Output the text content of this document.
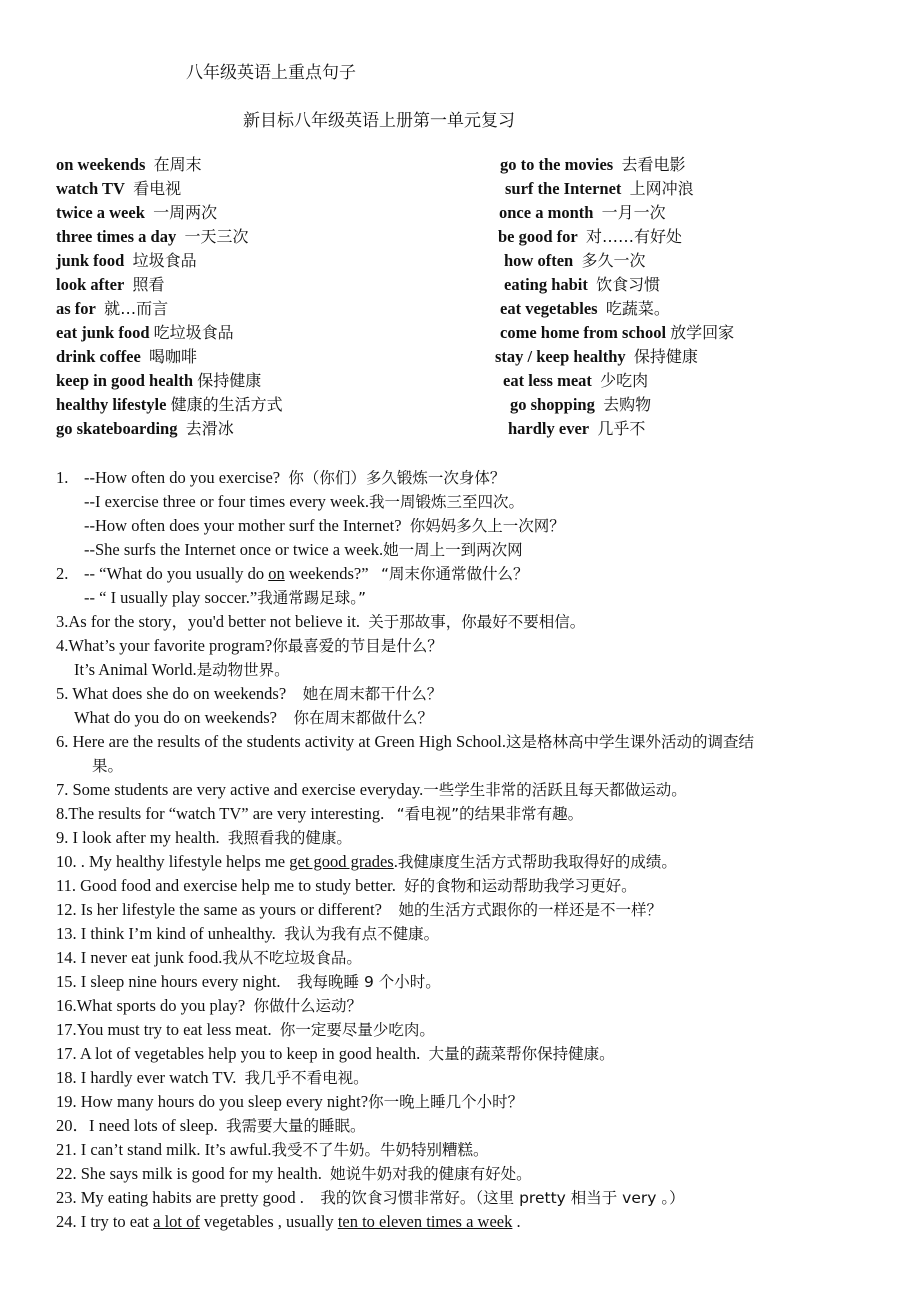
八年级英语上重点句子
新目标八年级英语上册第一单元复习
on weekends 在周末
watch TV 看电视
twice a week 一周两次
three times a day 一天三次
junk food 垃圾食品
look after 照看
as for 就…而言
eat junk food 吃垃圾食品
drink coffee 喝咖啡
keep in good health 保持健康
healthy lifestyle 健康的生活方式
go skateboarding 去滑冰
go to the movies 去看电影
surf the Internet 上网冲浪
once a month 一月一次
be good for 对……有好处
how often 多久一次
eating habit 饮食习惯
eat vegetables 吃蔬菜。
come home from school 放学回家
stay / keep healthy 保持健康
eat less meat 少吃肉
go shopping 去购物
hardly ever 几乎不
1. --How often do you exercise? 你（你们）多久锻炼一次身体？
--I exercise three or four times every week.我一周锻炼三至四次。
--How often does your mother surf the Internet? 你妈妈多久上一次网？
--She surfs the Internet once or twice a week.她一周上一到两次网
2. -- “What do you usually do on weekends?” “周末你通常做什么？
-- “ I usually play soccer.”我通常踢足球。”
3.As for the story，you'd better not believe it. 关于那故事，你最好不要相信。
4.What’s your favorite program?你最喜爱的节目是什么？
It’s Animal World.是动物世界。
5. What does she do on weekends? 她在周末都干什么？
What do you do on weekends? 你在周末都做什么？
6. Here are the results of the students activity at Green High School.这是格林高中学生课外活动的调查结
果。
7. Some students are very active and exercise everyday.一些学生非常的活跃且每天都做运动。
8.The results for “watch TV” are very interesting. “看电视”的结果非常有趣。
9. I look after my health. 我照看我的健康。
10. . My healthy lifestyle helps me get good grades.我健康度生活方式帮助我取得好的成绩。
11. Good food and exercise help me to study better. 好的食物和运动帮助我学习更好。
12. Is her lifestyle the same as yours or different? 她的生活方式跟你的一样还是不一样？
13. I think I’m kind of unhealthy. 我认为我有点不健康。
14. I never eat junk food.我从不吃垃圾食品。
15. I sleep nine hours every night. 我每晚睡 9 个小时。
16.What sports do you play? 你做什么运动？
17.You must try to eat less meat. 你一定要尽量少吃肉。
17. A lot of vegetables help you to keep in good health. 大量的蔬菜帮你保持健康。
18. I hardly ever watch TV. 我几乎不看电视。
19. How many hours do you sleep every night?你一晚上睡几个小时？
20．I need lots of sleep. 我需要大量的睡眠。
21. I can’t stand milk. It’s awful.我受不了牛奶。牛奶特别糟糕。
22. She says milk is good for my health. 她说牛奶对我的健康有好处。
23. My eating habits are pretty good . 我的饮食习惯非常好。（这里 pretty 相当于 very 。）
24. I try to eat a lot of vegetables , usually ten to eleven times a week .
